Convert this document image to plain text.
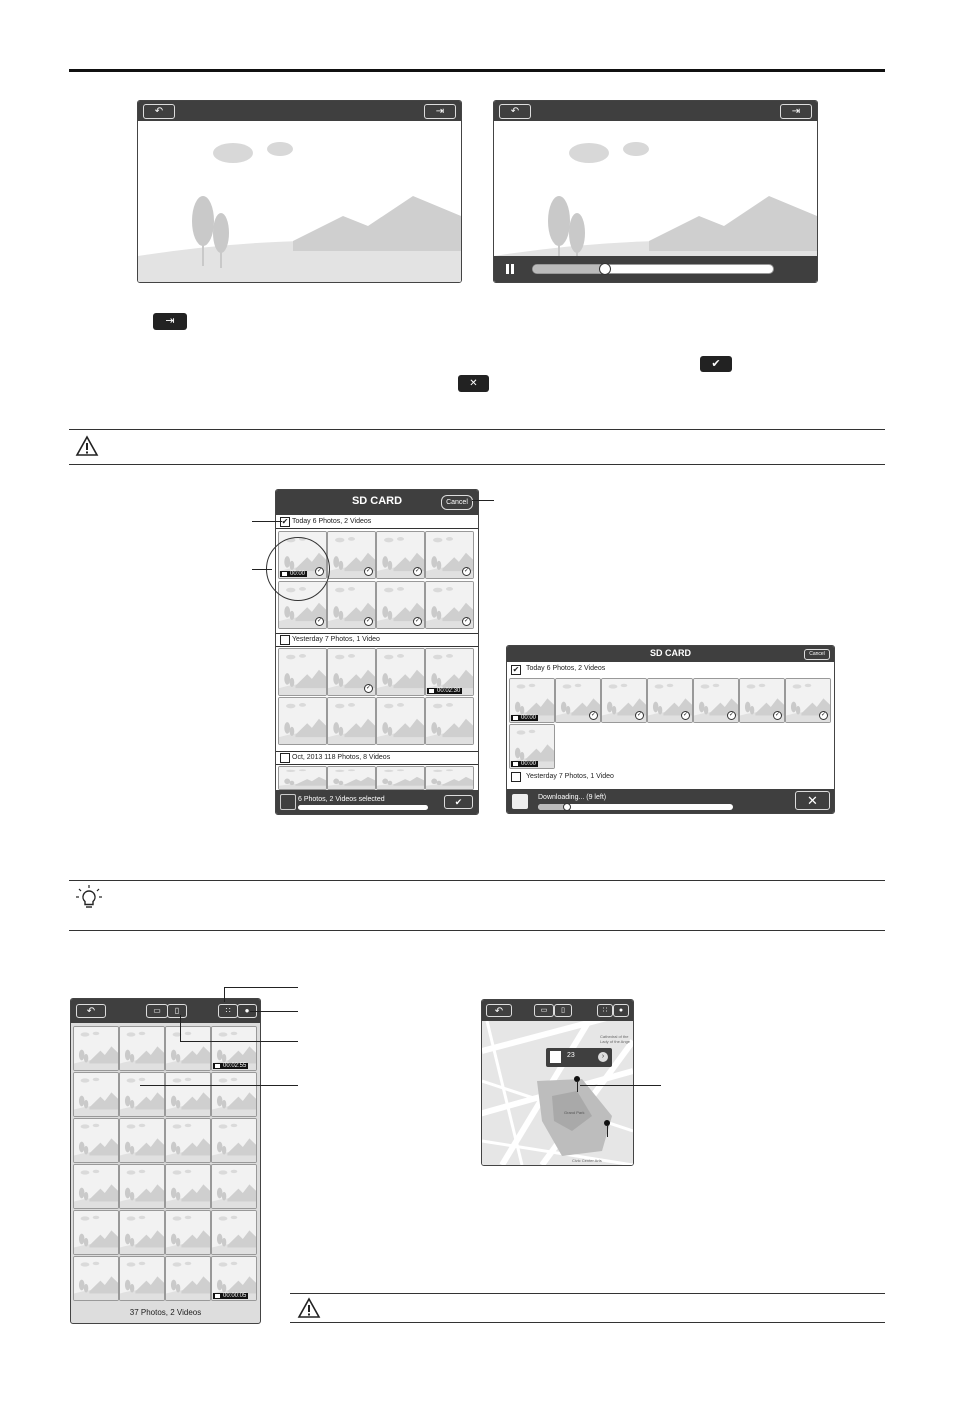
↶	⇥	↶	⇥
⇥
✔
✕
SD CARD	Cancel
✔ Today 6 Photos, 2 Videos
Yesterday 7 Photos, 1 Video
Oct, 2013 118 Photos, 8 Videos
6 Photos, 2 Videos selected	✔
00:00	✓	✓	✓	✓
✓	✓	✓	✓
✓	00:02:30
SD CARD	Cancel
✔ Today 6 Photos, 2 Videos
Yesterday 7 Photos, 1 Video
Downloading... (9 left)	✕
00:00	✓	✓	✓	✓	✓	✓
00:00
↶	▭	▯	∷	●
37 Photos, 2 Videos
00:02:55
00:00:05
↶	▭	▯	∷	●
Cathedral of the
Lady of the Ange
Civic Center Arts
Grand Park
23	›
